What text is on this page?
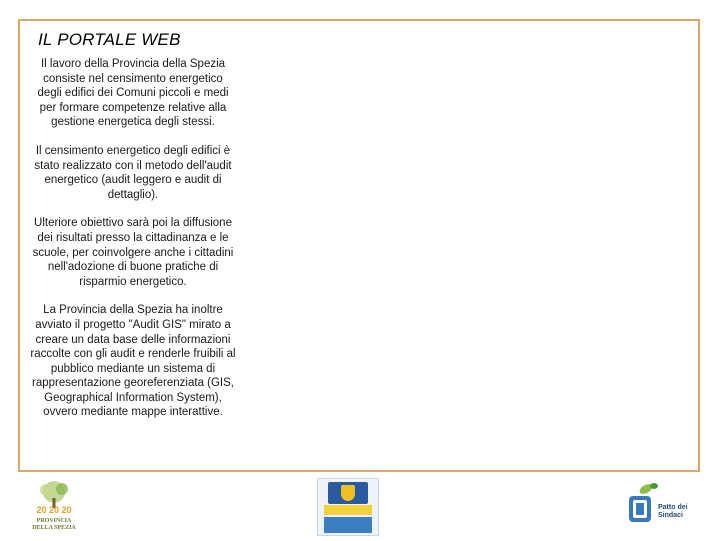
IL PORTALE WEB

Il lavoro della Provincia della Spezia consiste nel censimento energetico degli edifici dei Comuni piccoli e medi per formare competenze relative alla gestione energetica degli stessi.

Il censimento energetico degli edifici è stato realizzato con il metodo dell'audit energetico (audit leggero e audit di dettaglio).

Ulteriore obiettivo sarà poi la diffusione dei risultati presso la cittadinanza e le scuole, per coinvolgere anche i cittadini nell'adozione di buone pratiche di risparmio energetico.

La Provincia della Spezia ha inoltre avviato il progetto "Audit GIS" mirato a creare un data base delle informazioni raccolte con gli audit e renderle fruibili al pubblico mediante un sistema di rappresentazione georeferenziata (GIS, Geographical Information System), ovvero mediante mappe interattive.

20 20 20
PROVINCIA
DELLA SPEZIA
Patto dei
Sindaci
